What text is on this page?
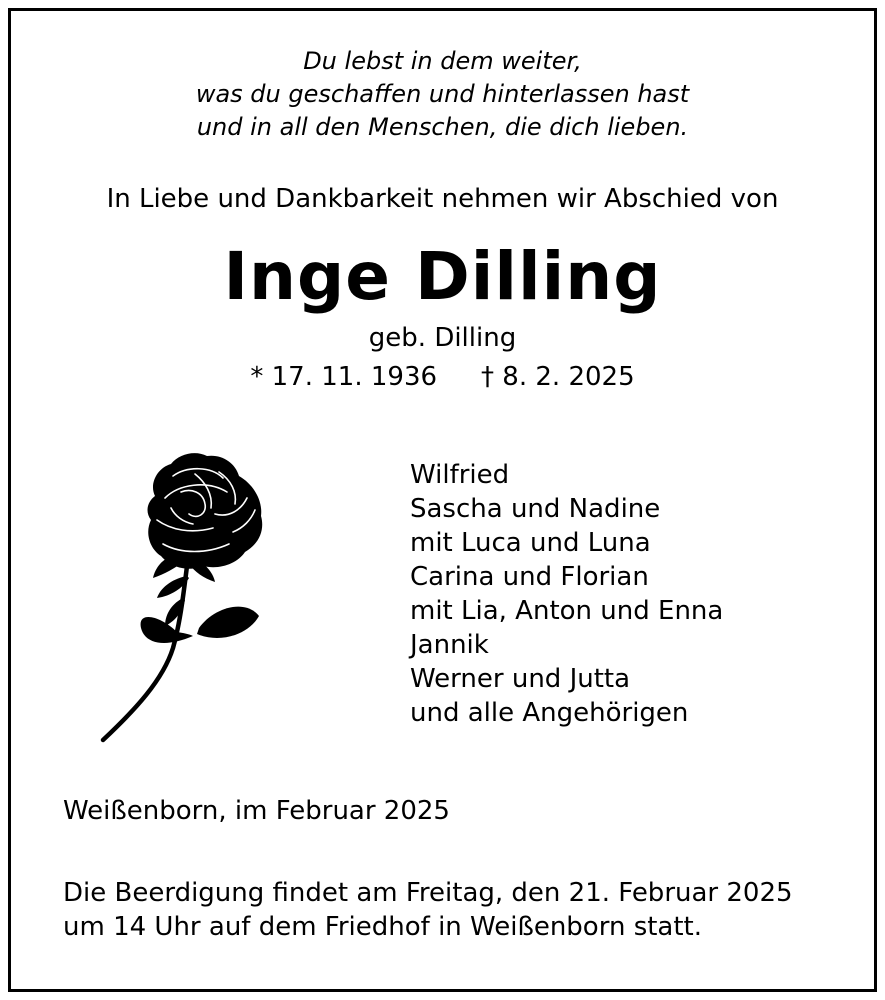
Du lebst in dem weiter,
was du geschaffen und hinterlassen hast
und in all den Menschen, die dich lieben.
In Liebe und Dankbarkeit nehmen wir Abschied von
Inge Dilling
geb. Dilling
* 17. 11. 1936 † 8. 2. 2025
Wilfried
Sascha und Nadine
mit Luca und Luna
Carina und Florian
mit Lia, Anton und Enna
Jannik
Werner und Jutta
und alle Angehörigen
Weißenborn, im Februar 2025
Die Beerdigung findet am Freitag, den 21. Februar 2025
um 14 Uhr auf dem Friedhof in Weißenborn statt.
